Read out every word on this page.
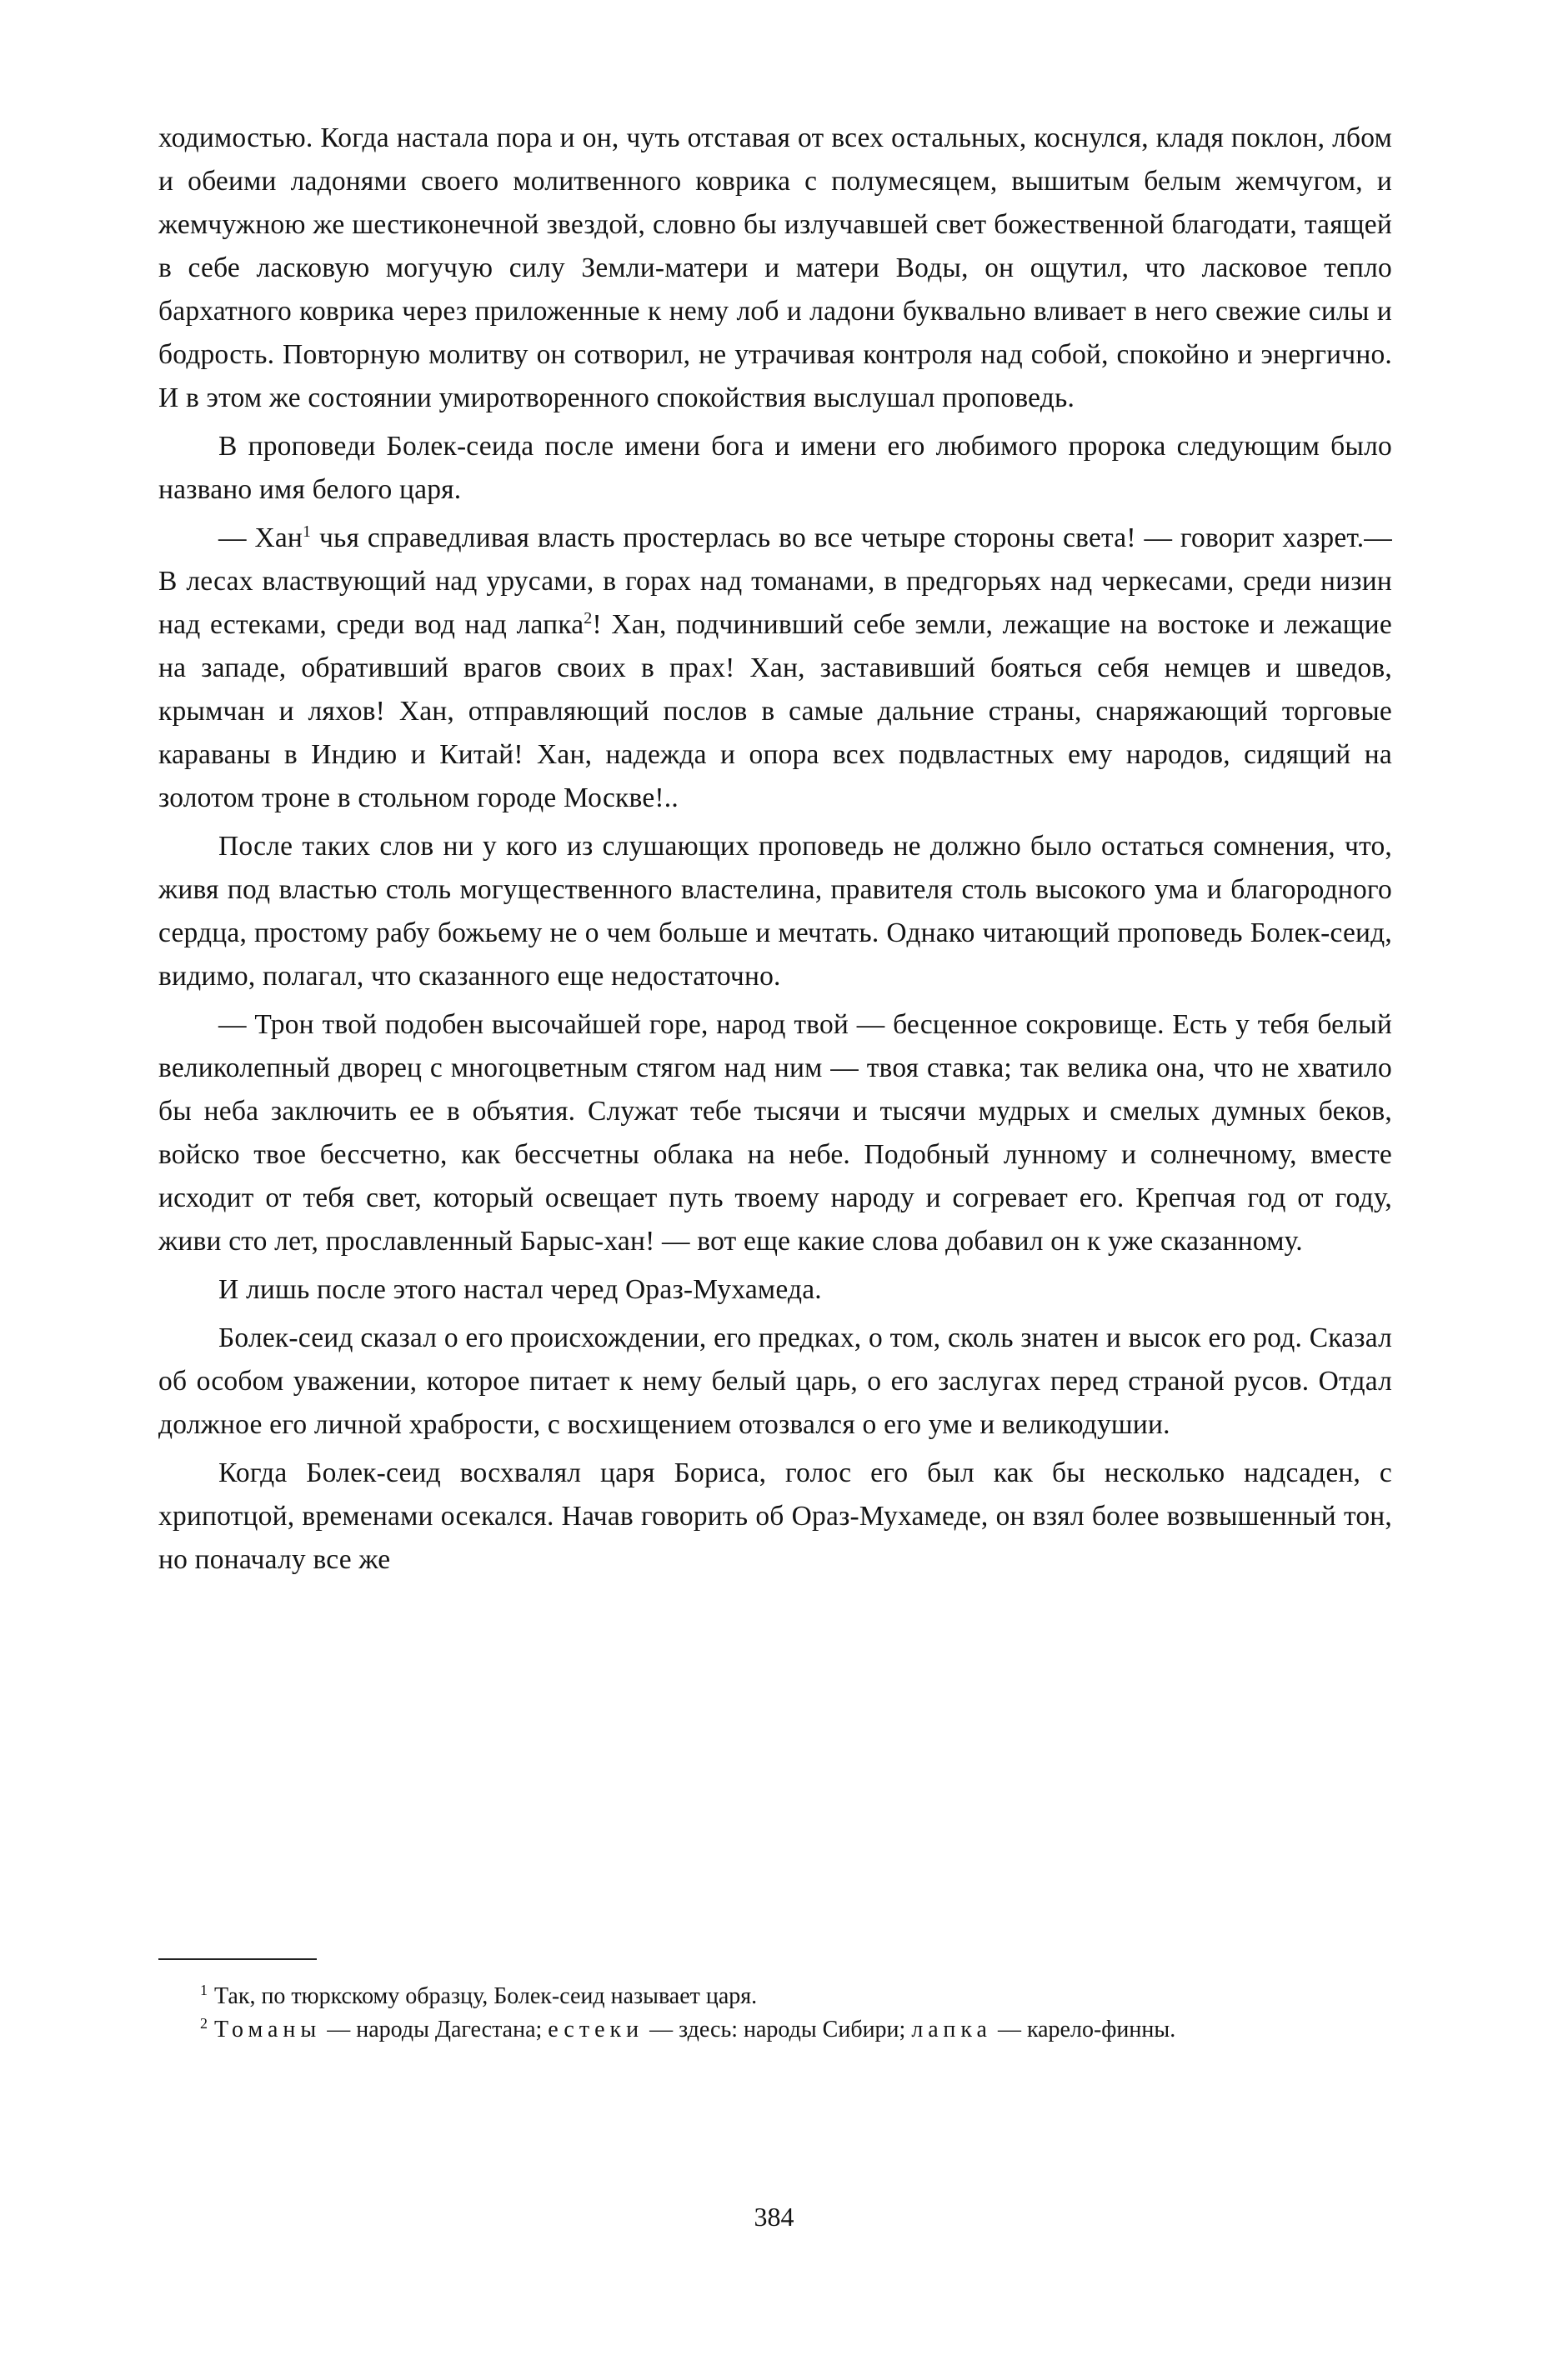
ходимостью. Когда настала пора и он, чуть отставая от всех остальных, коснулся, кладя поклон, лбом и обеими ладонями своего молитвенного коврика с полумесяцем, вышитым белым жемчугом, и жемчужною же шестиконечной звездой, словно бы излучавшей свет божественной благодати, таящей в себе ласковую могучую силу Земли-матери и матери Воды, он ощутил, что ласковое тепло бархатного коврика через приложенные к нему лоб и ладони буквально вливает в него свежие силы и бодрость. Повторную молитву он сотворил, не утрачивая контроля над собой, спокойно и энергично. И в этом же состоянии умиротворенного спокойствия выслушал проповедь.

В проповеди Болек-сеида после имени бога и имени его любимого пророка следующим было названо имя белого царя.

— Хан$^1$ чья справедливая власть простерлась во все четыре стороны света! — говорит хазрет.— В лесах властвующий над урусами, в горах над томанами, в предгорьях над черкесами, среди низин над естеками, среди вод над лапка$^2$! Хан, подчинивший себе земли, лежащие на востоке и лежащие на западе, обративший врагов своих в прах! Хан, заставивший бояться себя немцев и шведов, крымчан и ляхов! Хан, отправляющий послов в самые дальние страны, снаряжающий торговые караваны в Индию и Китай! Хан, надежда и опора всех подвластных ему народов, сидящий на золотом троне в стольном городе Москве!..

После таких слов ни у кого из слушающих проповедь не должно было остаться сомнения, что, живя под властью столь могущественного властелина, правителя столь высокого ума и благородного сердца, простому рабу божьему не о чем больше и мечтать. Однако читающий проповедь Болек-сеид, видимо, полагал, что сказанного еще недостаточно.

— Трон твой подобен высочайшей горе, народ твой — бесценное сокровище. Есть у тебя белый великолепный дворец с многоцветным стягом над ним — твоя ставка; так велика она, что не хватило бы неба заключить ее в объятия. Служат тебе тысячи и тысячи мудрых и смелых думных беков, войско твое бессчетно, как бессчетны облака на небе. Подобный лунному и солнечному, вместе исходит от тебя свет, который освещает путь твоему народу и согревает его. Крепчая год от году, живи сто лет, прославленный Барыс-хан! — вот еще какие слова добавил он к уже сказанному.

И лишь после этого настал черед Ораз-Мухамеда.

Болек-сеид сказал о его происхождении, его предках, о том, сколь знатен и высок его род. Сказал об особом уважении, которое питает к нему белый царь, о его заслугах перед страной русов. Отдал должное его личной храбрости, с восхищением отозвался о его уме и великодушии.

Когда Болек-сеид восхвалял царя Бориса, голос его был как бы несколько надсаден, с хрипотцой, временами осекался. Начав говорить об Ораз-Мухамеде, он взял более возвышенный тон, но поначалу все же

$^1$ Так, по тюркскому образцу, Болек-сеид называет царя.

$^2$ Томаны — народы Дагестана; естеки — здесь: народы Сибири; лапка — карело-финны.

384
